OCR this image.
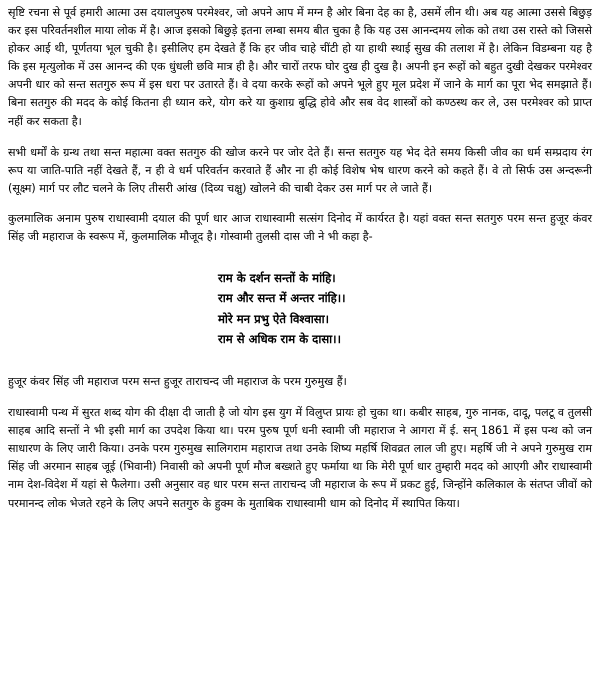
सृष्टि रचना से पूर्व हमारी आत्मा उस दयालपुरुष परमेश्वर, जो अपने आप में मग्न है ओर बिना देह का है, उसमें लीन थी। अब यह आत्मा उससे बिछुड़ कर इस परिवर्तनशील माया लोक में है। आज इसको बिछुड़े इतना लम्बा समय बीत चुका है कि यह उस आनन्दमय लोक को तथा उस रास्ते को जिससे होकर आई थी, पूर्णतया भूल चुकी है। इसीलिए हम देखते हैं कि हर जीव चाहे चींटी हो या हाथी स्थाई सुख की तलाश में है। लेकिन विडम्बना यह है कि इस मृत्युलोक में उस आनन्द की एक धुंधली छवि मात्र ही है। और चारों तरफ घोर दुख ही दुख है। अपनी इन रूहों को बहुत दुखी देखकर परमेश्वर अपनी धार को सन्त सतगुरु रूप में इस धरा पर उतारते हैं। वे दया करके रूहों को अपने भूले हुए मूल प्रदेश में जाने के मार्ग का पूरा भेद समझाते हैं। बिना सतगुरु की मदद के कोई कितना ही ध्यान करे, योग करे या कुशाग्र बुद्धि होवे और सब वेद शास्त्रों को कण्ठस्थ कर ले, उस परमेश्वर को प्राप्त नहीं कर सकता है।

सभी धर्मों के ग्रन्थ तथा सन्त महात्मा वक्त सतगुरु की खोज करने पर जोर देते हैं। सन्त सतगुरु यह भेद देते समय किसी जीव का धर्म सम्प्रदाय रंग रूप या जाति-पाति नहीं देखते हैं, न ही वे धर्म परिवर्तन करवाते हैं और ना ही कोई विशेष भेष धारण करने को कहते हैं। वे तो सिर्फ उस अन्दरूनी (सूक्ष्म) मार्ग पर लौट चलने के लिए तीसरी आंख (दिव्य चक्षु) खोलने की चाबी देकर उस मार्ग पर ले जाते हैं।

कुलमालिक अनाम पुरुष राधास्वामी दयाल की पूर्ण धार आज राधास्वामी सत्संग दिनोद में कार्यरत है। यहां वक्त सन्त सतगुरु परम सन्त हुजूर कंवर सिंह जी महाराज के स्वरूप में, कुलमालिक मौजूद है। गोस्वामी तुलसी दास जी ने भी कहा है-

राम के दर्शन सन्तों के मांहि।
राम और सन्त में अन्तर नांहि।।
मोरे मन प्रभु ऐते विश्वासा।
राम से अधिक राम के दासा।।

हुजूर कंवर सिंह जी महाराज परम सन्त हुजूर ताराचन्द जी महाराज के परम गुरुमुख हैं।

राधास्वामी पन्थ में सुरत शब्द योग की दीक्षा दी जाती है जो योग इस युग में विलुप्त प्रायः हो चुका था। कबीर साहब, गुरु नानक, दादू, पलटू व तुलसी साहब आदि सन्तों ने भी इसी मार्ग का उपदेश किया था। परम पुरुष पूर्ण धनी स्वामी जी महाराज ने आगरा में ई. सन् 1861 में इस पन्थ को जन साधारण के लिए जारी किया। उनके परम गुरुमुख सालिगराम महाराज तथा उनके शिष्य महर्षि शिवव्रत लाल जी हुए। महर्षि जी ने अपने गुरुमुख राम सिंह जी अरमान साहब जूई (भिवानी) निवासी को अपनी पूर्ण मौज बख्शते हुए फर्माया था कि मेरी पूर्ण धार तुम्हारी मदद को आएगी और राधास्वामी नाम देश-विदेश में यहां से फैलेगा। उसी अनुसार वह धार परम सन्त ताराचन्द जी महाराज के रूप में प्रकट हुई, जिन्होंने कलिकाल के संतप्त जीवों को परमानन्द लोक भेजते रहने के लिए अपने सतगुरु के हुक्म के मुताबिक राधास्वामी धाम को दिनोद में स्थापित किया।
